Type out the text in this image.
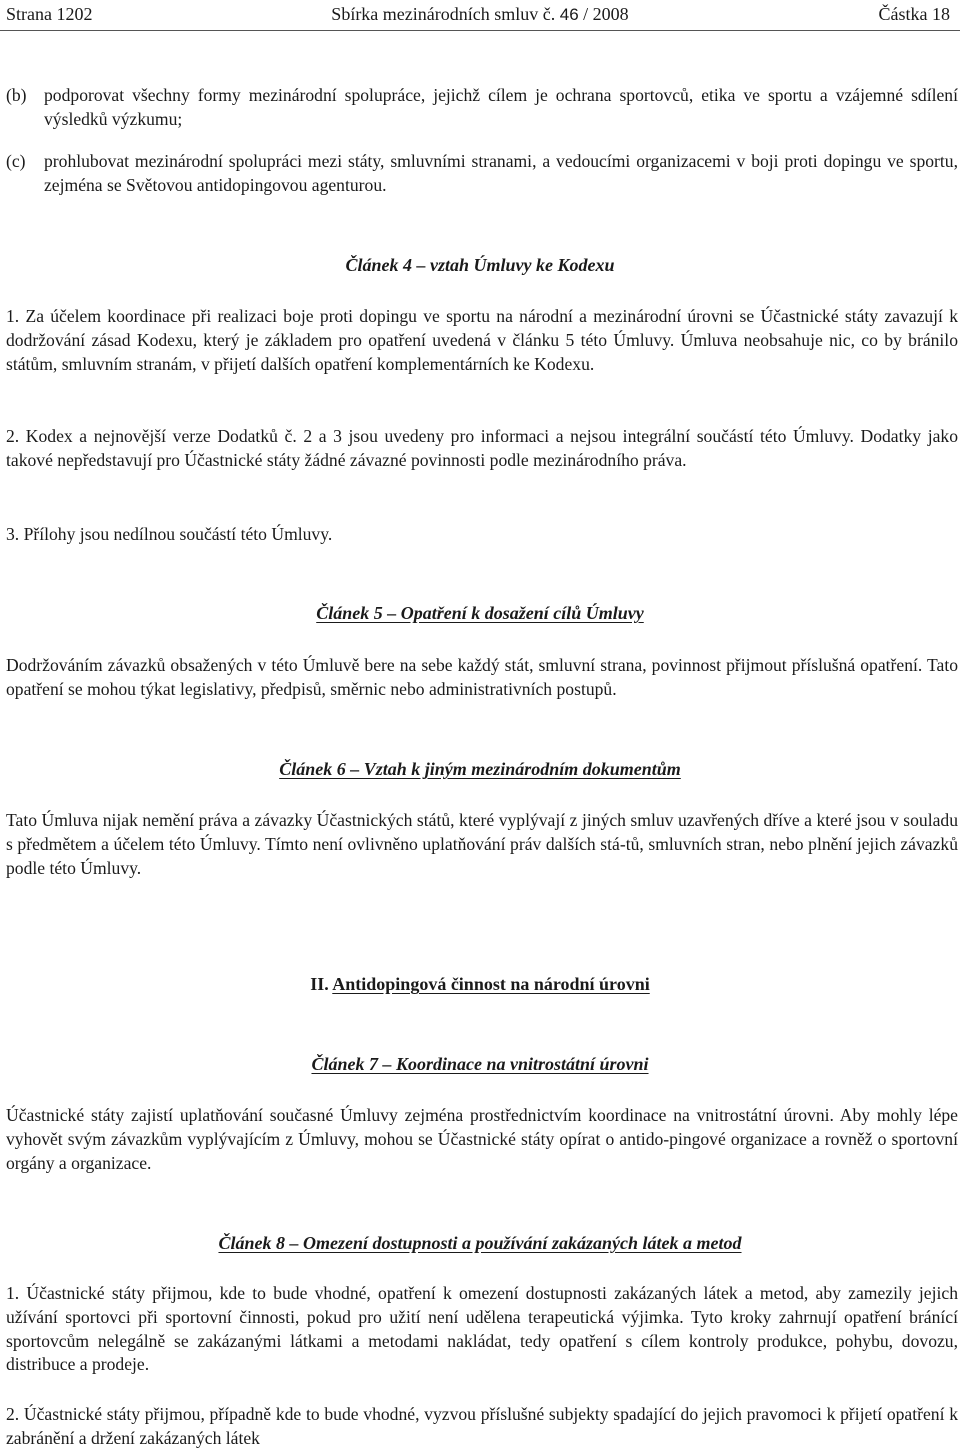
Strana 1202	Sbírka mezinárodních smluv č. 46 / 2008	Částka 18
(b) podporovat všechny formy mezinárodní spolupráce, jejichž cílem je ochrana sportovců, etika ve sportu a vzájemné sdílení výsledků výzkumu;
(c) prohlubovat mezinárodní spolupráci mezi státy, smluvními stranami, a vedoucími organizacemi v boji proti dopingu ve sportu, zejména se Světovou antidopingovou agenturou.
Článek 4 – vztah Úmluvy ke Kodexu

1. Za účelem koordinace při realizaci boje proti dopingu ve sportu na národní a mezinárodní úrovni se Účastnické státy zavazují k dodržování zásad Kodexu, který je základem pro opatření uvedená v článku 5 této Úmluvy. Úmluva neobsahuje nic, co by bránilo státům, smluvním stranám, v přijetí dalších opatření komplementárních ke Kodexu.

2. Kodex a nejnovější verze Dodatků č. 2 a 3 jsou uvedeny pro informaci a nejsou integrální součástí této Úmluvy. Dodatky jako takové nepředstavují pro Účastnické státy žádné závazné povinnosti podle mezinárodního práva.

3. Přílohy jsou nedílnou součástí této Úmluvy.

Článek 5 – Opatření k dosažení cílů Úmluvy

Dodržováním závazků obsažených v této Úmluvě bere na sebe každý stát, smluvní strana, povinnost přijmout příslušná opatření. Tato opatření se mohou týkat legislativy, předpisů, směrnic nebo administrativních postupů.

Článek 6 – Vztah k jiným mezinárodním dokumentům

Tato Úmluva nijak nemění práva a závazky Účastnických států, které vyplývají z jiných smluv uzavřených dříve a které jsou v souladu s předmětem a účelem této Úmluvy. Tímto není ovlivněno uplatňování práv dalších stá-tů, smluvních stran, nebo plnění jejich závazků podle této Úmluvy.

II. Antidopingová činnost na národní úrovni
Článek 7 – Koordinace na vnitrostátní úrovni

Účastnické státy zajistí uplatňování současné Úmluvy zejména prostřednictvím koordinace na vnitrostátní úrovni. Aby mohly lépe vyhovět svým závazkům vyplývajícím z Úmluvy, mohou se Účastnické státy opírat o antido-pingové organizace a rovněž o sportovní orgány a organizace.

Článek 8 – Omezení dostupnosti a používání zakázaných látek a metod

1. Účastnické státy přijmou, kde to bude vhodné, opatření k omezení dostupnosti zakázaných látek a metod, aby zamezily jejich užívání sportovci při sportovní činnosti, pokud pro užití není udělena terapeutická výjimka. Tyto kroky zahrnují opatření bránící sportovcům nelegálně se zakázanými látkami a metodami nakládat, tedy opatření s cílem kontroly produkce, pohybu, dovozu, distribuce a prodeje.

2. Účastnické státy přijmou, případně kde to bude vhodné, vyzvou příslušné subjekty spadající do jejich pravomoci k přijetí opatření k zabránění a držení zakázaných látek
